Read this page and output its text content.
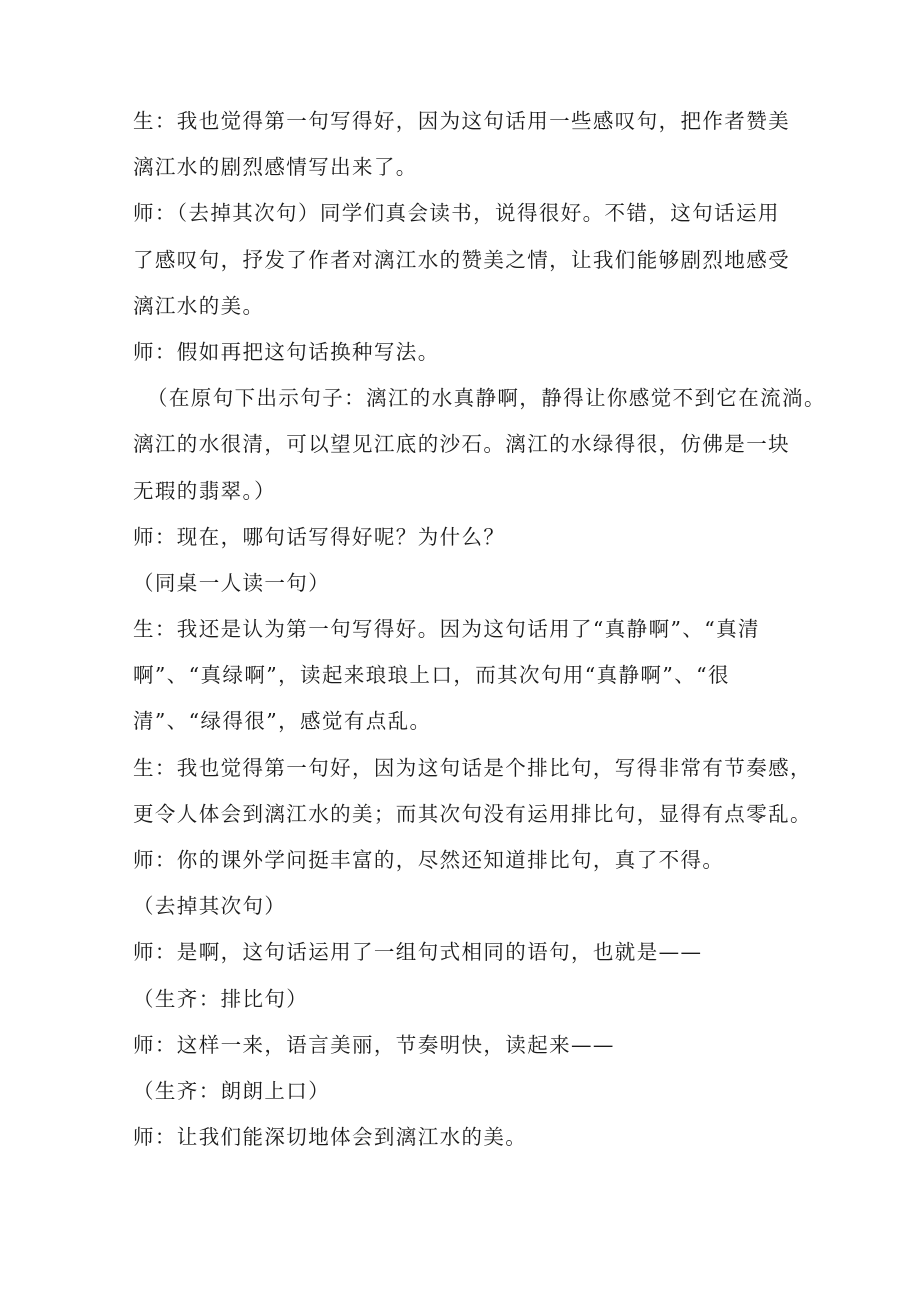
生：我也觉得第一句写得好，因为这句话用一些感叹句，把作者赞美
漓江水的剧烈感情写出来了。
师：（去掉其次句）同学们真会读书，说得很好。不错，这句话运用
了感叹句，抒发了作者对漓江水的赞美之情，让我们能够剧烈地感受
漓江水的美。
师：假如再把这句话换种写法。
（在原句下出示句子：漓江的水真静啊，静得让你感觉不到它在流淌。
漓江的水很清，可以望见江底的沙石。漓江的水绿得很，仿佛是一块
无瑕的翡翠。）
师：现在，哪句话写得好呢？为什么？
（同桌一人读一句）
生：我还是认为第一句写得好。因为这句话用了“真静啊”、“真清
啊”、“真绿啊”，读起来琅琅上口，而其次句用“真静啊”、“很
清”、“绿得很”，感觉有点乱。
生：我也觉得第一句好，因为这句话是个排比句，写得非常有节奏感，
更令人体会到漓江水的美；而其次句没有运用排比句，显得有点零乱。
师：你的课外学问挺丰富的，尽然还知道排比句，真了不得。
（去掉其次句）
师：是啊，这句话运用了一组句式相同的语句，也就是——
（生齐：排比句）
师：这样一来，语言美丽，节奏明快，读起来——
（生齐：朗朗上口）
师：让我们能深切地体会到漓江水的美。
